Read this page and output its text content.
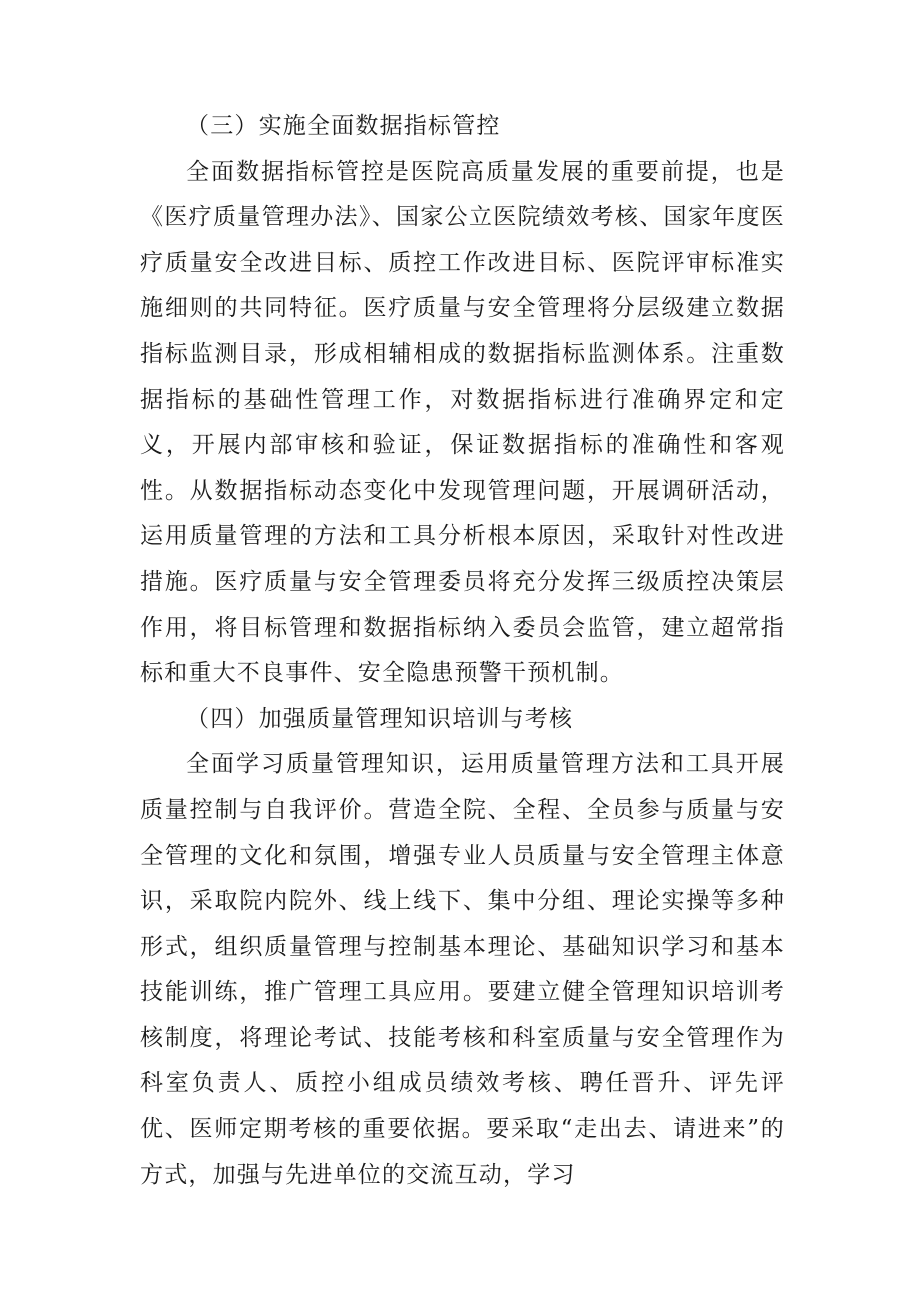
（三）实施全面数据指标管控

全面数据指标管控是医院高质量发展的重要前提，也是《医疗质量管理办法》、国家公立医院绩效考核、国家年度医疗质量安全改进目标、质控工作改进目标、医院评审标准实施细则的共同特征。医疗质量与安全管理将分层级建立数据指标监测目录，形成相辅相成的数据指标监测体系。注重数据指标的基础性管理工作，对数据指标进行准确界定和定义，开展内部审核和验证，保证数据指标的准确性和客观性。从数据指标动态变化中发现管理问题，开展调研活动，运用质量管理的方法和工具分析根本原因，采取针对性改进措施。医疗质量与安全管理委员将充分发挥三级质控决策层作用，将目标管理和数据指标纳入委员会监管，建立超常指标和重大不良事件、安全隐患预警干预机制。

（四）加强质量管理知识培训与考核

全面学习质量管理知识，运用质量管理方法和工具开展质量控制与自我评价。营造全院、全程、全员参与质量与安全管理的文化和氛围，增强专业人员质量与安全管理主体意识，采取院内院外、线上线下、集中分组、理论实操等多种形式，组织质量管理与控制基本理论、基础知识学习和基本技能训练，推广管理工具应用。要建立健全管理知识培训考核制度，将理论考试、技能考核和科室质量与安全管理作为科室负责人、质控小组成员绩效考核、聘任晋升、评先评优、医师定期考核的重要依据。要采取“走出去、请进来”的方式，加强与先进单位的交流互动，学习
